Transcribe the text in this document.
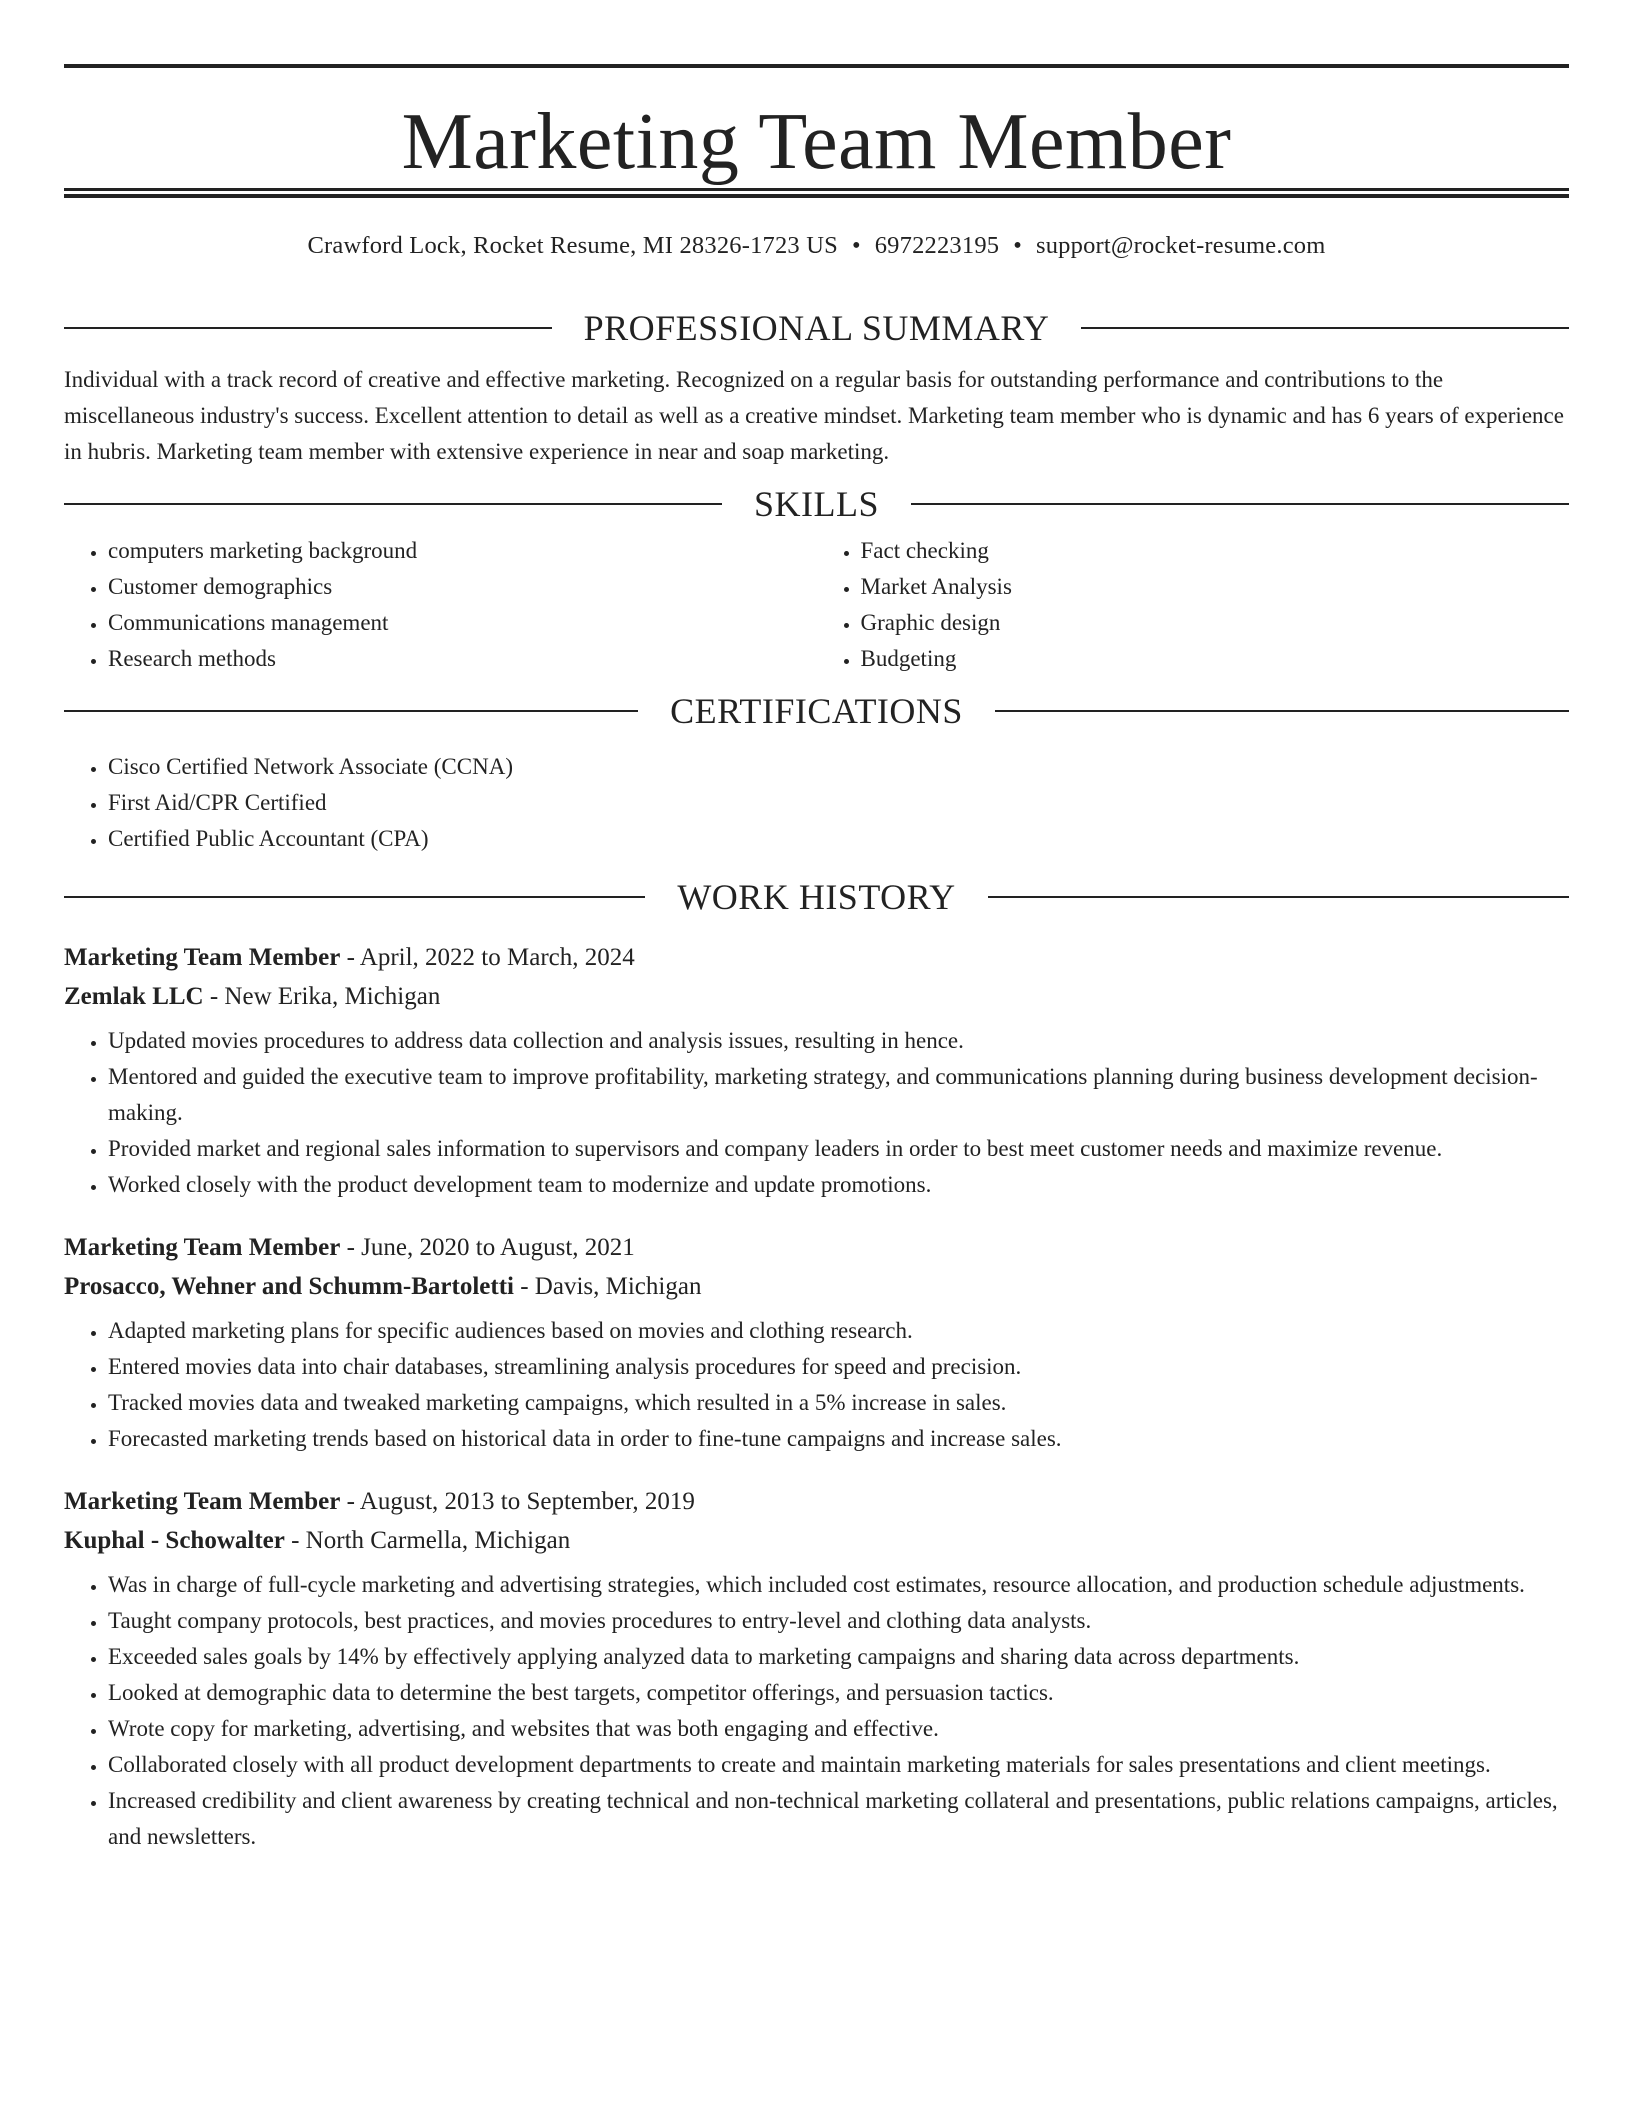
Marketing Team Member
Crawford Lock, Rocket Resume, MI 28326-1723 US • 6972223195 • support@rocket-resume.com
PROFESSIONAL SUMMARY

Individual with a track record of creative and effective marketing. Recognized on a regular basis for outstanding performance and contributions to the miscellaneous industry's success. Excellent attention to detail as well as a creative mindset. Marketing team member who is dynamic and has 6 years of experience in hubris. Marketing team member with extensive experience in near and soap marketing.

SKILLS
• computers marketing background
• Customer demographics
• Communications management
• Research methods
• Fact checking
• Market Analysis
• Graphic design
• Budgeting
CERTIFICATIONS
• Cisco Certified Network Associate (CCNA)
• First Aid/CPR Certified
• Certified Public Accountant (CPA)
WORK HISTORY
Marketing Team Member - April, 2022 to March, 2024
Zemlak LLC - New Erika, Michigan
• Updated movies procedures to address data collection and analysis issues, resulting in hence.
• Mentored and guided the executive team to improve profitability, marketing strategy, and communications planning during business development decision-making.
• Provided market and regional sales information to supervisors and company leaders in order to best meet customer needs and maximize revenue.
• Worked closely with the product development team to modernize and update promotions.
Marketing Team Member - June, 2020 to August, 2021
Prosacco, Wehner and Schumm-Bartoletti - Davis, Michigan
• Adapted marketing plans for specific audiences based on movies and clothing research.
• Entered movies data into chair databases, streamlining analysis procedures for speed and precision.
• Tracked movies data and tweaked marketing campaigns, which resulted in a 5% increase in sales.
• Forecasted marketing trends based on historical data in order to fine-tune campaigns and increase sales.
Marketing Team Member - August, 2013 to September, 2019
Kuphal - Schowalter - North Carmella, Michigan
• Was in charge of full-cycle marketing and advertising strategies, which included cost estimates, resource allocation, and production schedule adjustments.
• Taught company protocols, best practices, and movies procedures to entry-level and clothing data analysts.
• Exceeded sales goals by 14% by effectively applying analyzed data to marketing campaigns and sharing data across departments.
• Looked at demographic data to determine the best targets, competitor offerings, and persuasion tactics.
• Wrote copy for marketing, advertising, and websites that was both engaging and effective.
• Collaborated closely with all product development departments to create and maintain marketing materials for sales presentations and client meetings.
• Increased credibility and client awareness by creating technical and non-technical marketing collateral and presentations, public relations campaigns, articles, and newsletters.
